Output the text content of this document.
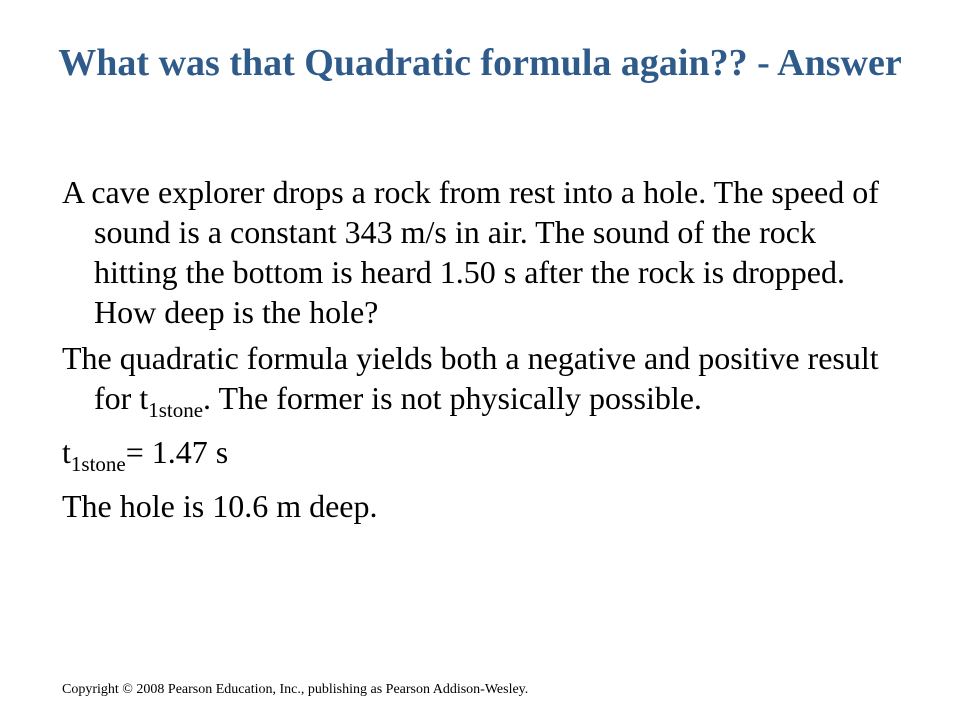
What was that Quadratic formula again?? - Answer

A cave explorer drops a rock from rest into a hole. The speed of sound is a constant 343 m/s in air. The sound of the rock hitting the bottom is heard 1.50 s after the rock is dropped. How deep is the hole?

The quadratic formula yields both a negative and positive result for $t_{1stone}$. The former is not physically possible.

$t_{1stone}= 1.47$ s

The hole is 10.6 m deep.

Copyright © 2008 Pearson Education, Inc., publishing as Pearson Addison-Wesley.
